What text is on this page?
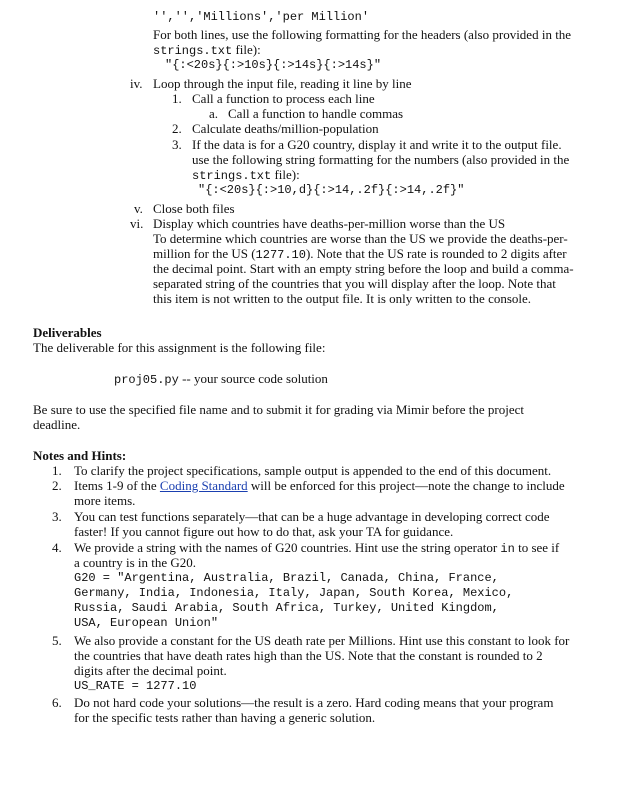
'','','Millions','per Million'
For both lines, use the following formatting for the headers (also provided in the
strings.txt file):
"{:<20s}{:>10s}{:>14s}{:>14s}"
iv. Loop through the input file, reading it line by line
1. Call a function to process each line
a. Call a function to handle commas
2. Calculate deaths/million-population
3. If the data is for a G20 country, display it and write it to the output file.
use the following string formatting for the numbers (also provided in the
strings.txt file):
"{:<20s}{:>10,d}{:>14,.2f}{:>14,.2f}"
v. Close both files
vi. Display which countries have deaths-per-million worse than the US
To determine which countries are worse than the US we provide the deaths-per-
million for the US (1277.10). Note that the US rate is rounded to 2 digits after
the decimal point. Start with an empty string before the loop and build a comma-
separated string of the countries that you will display after the loop. Note that
this item is not written to the output file. It is only written to the console.
Deliverables
The deliverable for this assignment is the following file:
proj05.py -- your source code solution
Be sure to use the specified file name and to submit it for grading via Mimir before the project
deadline.
Notes and Hints:
1. To clarify the project specifications, sample output is appended to the end of this document.
2. Items 1-9 of the Coding Standard will be enforced for this project—note the change to include
more items.
3. You can test functions separately—that can be a huge advantage in developing correct code
faster! If you cannot figure out how to do that, ask your TA for guidance.
4. We provide a string with the names of G20 countries. Hint use the string operator in to see if
a country is in the G20.
G20 = "Argentina, Australia, Brazil, Canada, China, France,
Germany, India, Indonesia, Italy, Japan, South Korea, Mexico,
Russia, Saudi Arabia, South Africa, Turkey, United Kingdom,
USA, European Union"
5. We also provide a constant for the US death rate per Millions. Hint use this constant to look for
the countries that have death rates high than the US. Note that the constant is rounded to 2
digits after the decimal point.
US_RATE = 1277.10
6. Do not hard code your solutions—the result is a zero. Hard coding means that your program
for the specific tests rather than having a generic solution.
